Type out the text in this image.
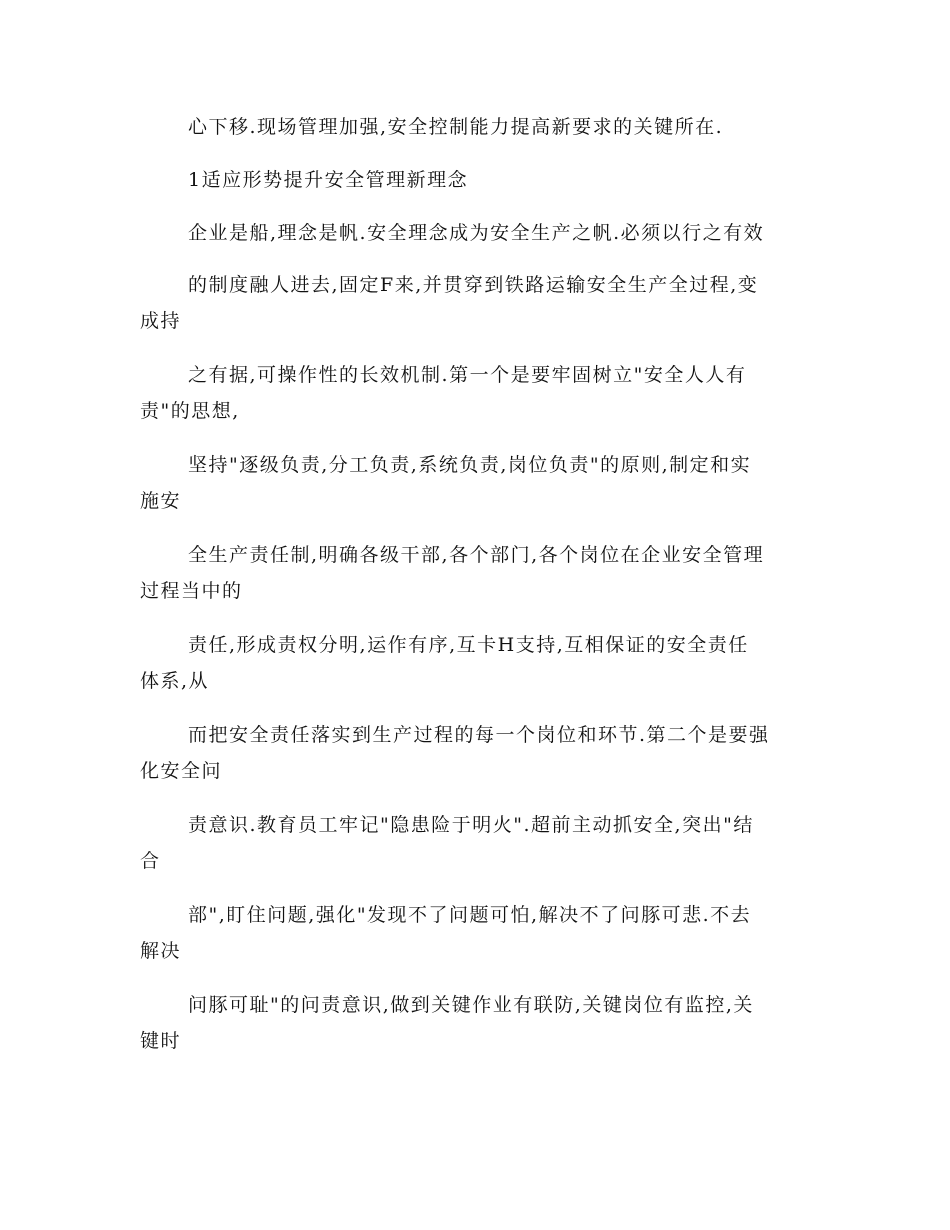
心下移.现场管理加强,安全控制能力提高新要求的关键所在.
1适应形势提升安全管理新理念
企业是船,理念是帆.安全理念成为安全生产之帆.必须以行之有效
的制度融人进去,固定F来,并贯穿到铁路运输安全生产全过程,变
成持
之有据,可操作性的长效机制.第一个是要牢固树立"安全人人有
责"的思想,
坚持"逐级负责,分工负责,系统负责,岗位负责"的原则,制定和实
施安
全生产责任制,明确各级干部,各个部门,各个岗位在企业安全管理
过程当中的
责任,形成责权分明,运作有序,互卡H支持,互相保证的安全责任
体系,从
而把安全责任落实到生产过程的每一个岗位和环节.第二个是要强
化安全问
责意识.教育员工牢记"隐患险于明火".超前主动抓安全,突出"结
合
部",盯住问题,强化"发现不了问题可怕,解决不了问豚可悲.不去
解决
问豚可耻"的问责意识,做到关键作业有联防,关键岗位有监控,关
键时
